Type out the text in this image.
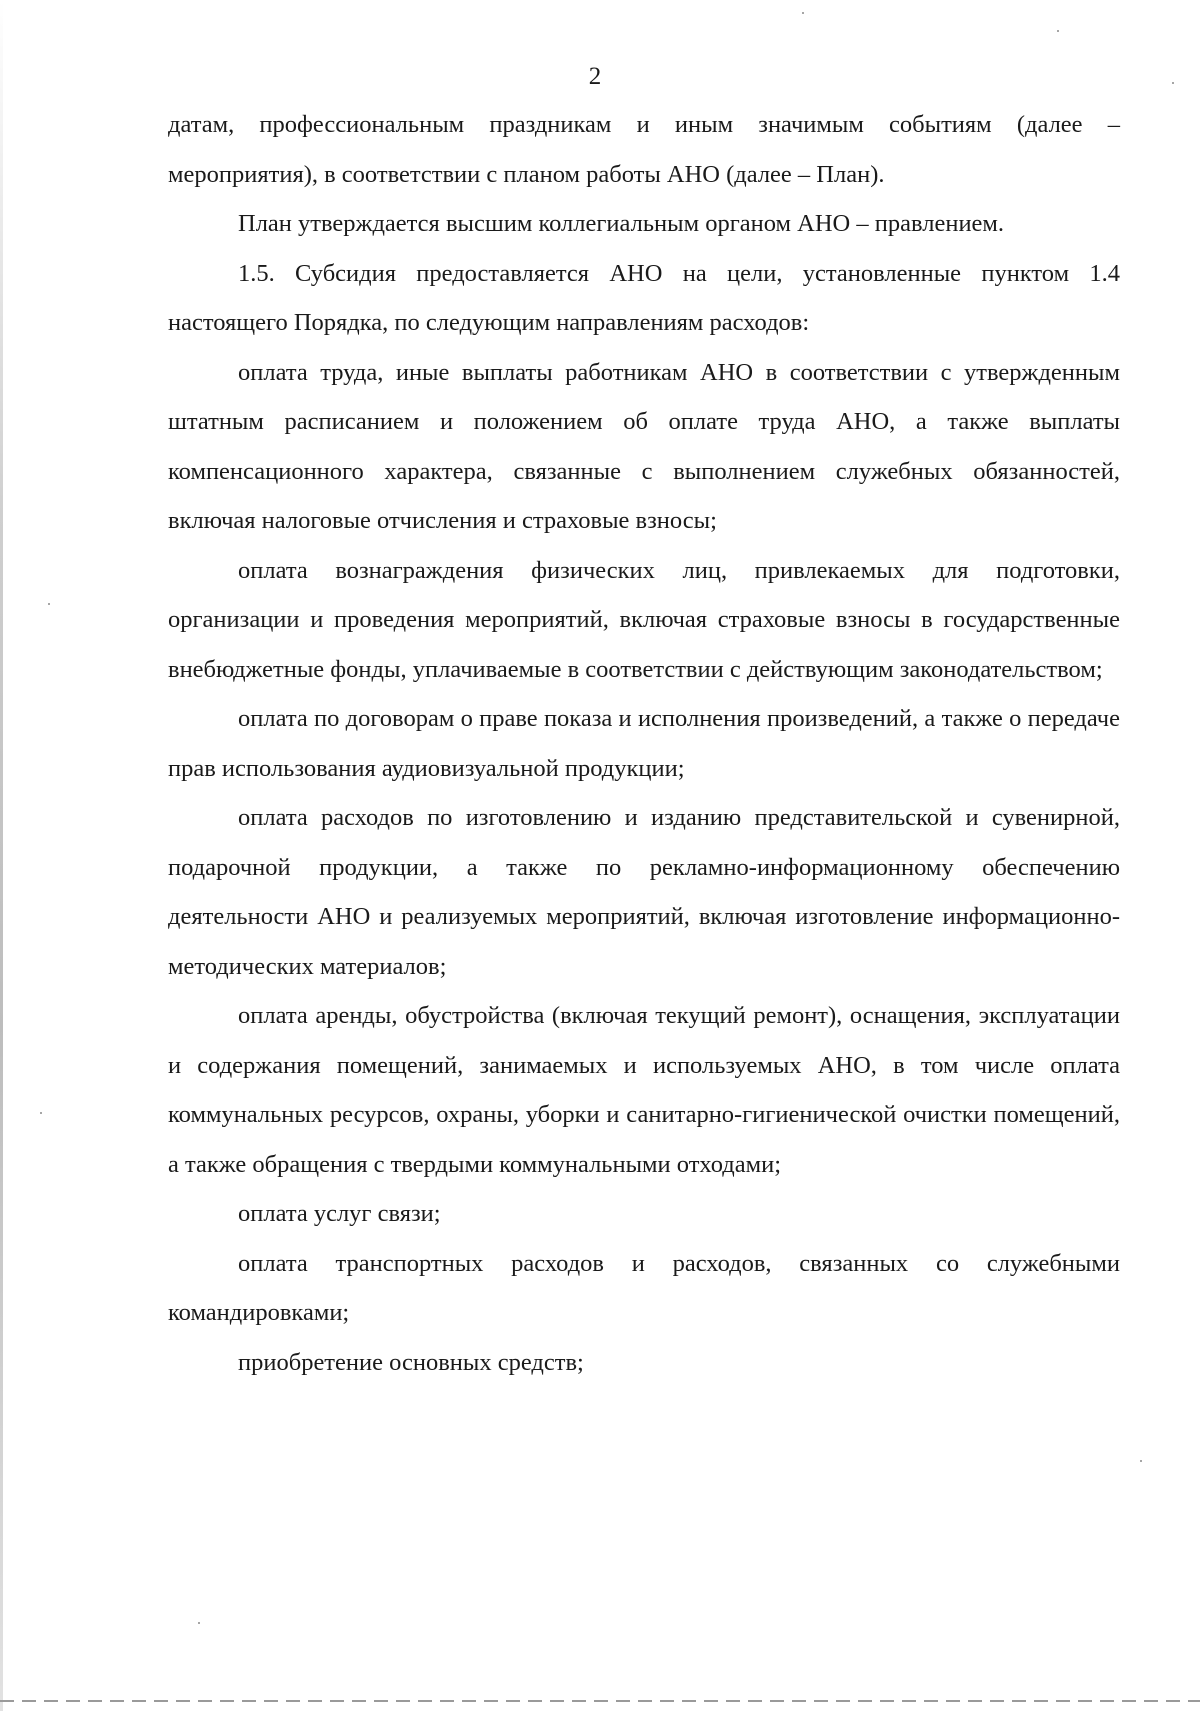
2

датам, профессиональным праздникам и иным значимым событиям (далее – мероприятия), в соответствии с планом работы АНО (далее – План).

План утверждается высшим коллегиальным органом АНО – правлением.

1.5. Субсидия предоставляется АНО на цели, установленные пунктом 1.4 настоящего Порядка, по следующим направлениям расходов:

оплата труда, иные выплаты работникам АНО в соответствии с утвержденным штатным расписанием и положением об оплате труда АНО, а также выплаты компенсационного характера, связанные с выполнением служебных обязанностей, включая налоговые отчисления и страховые взносы;

оплата вознаграждения физических лиц, привлекаемых для подготовки, организации и проведения мероприятий, включая страховые взносы в государственные внебюджетные фонды, уплачиваемые в соответствии с действующим законодательством;

оплата по договорам о праве показа и исполнения произведений, а также о передаче прав использования аудиовизуальной продукции;

оплата расходов по изготовлению и изданию представительской и сувенирной, подарочной продукции, а также по рекламно-информационному обеспечению деятельности АНО и реализуемых мероприятий, включая изготовление информационно-методических материалов;

оплата аренды, обустройства (включая текущий ремонт), оснащения, эксплуатации и содержания помещений, занимаемых и используемых АНО, в том числе оплата коммунальных ресурсов, охраны, уборки и санитарно-гигиенической очистки помещений, а также обращения с твердыми коммунальными отходами;

оплата услуг связи;

оплата транспортных расходов и расходов, связанных со служебными командировками;

приобретение основных средств;
